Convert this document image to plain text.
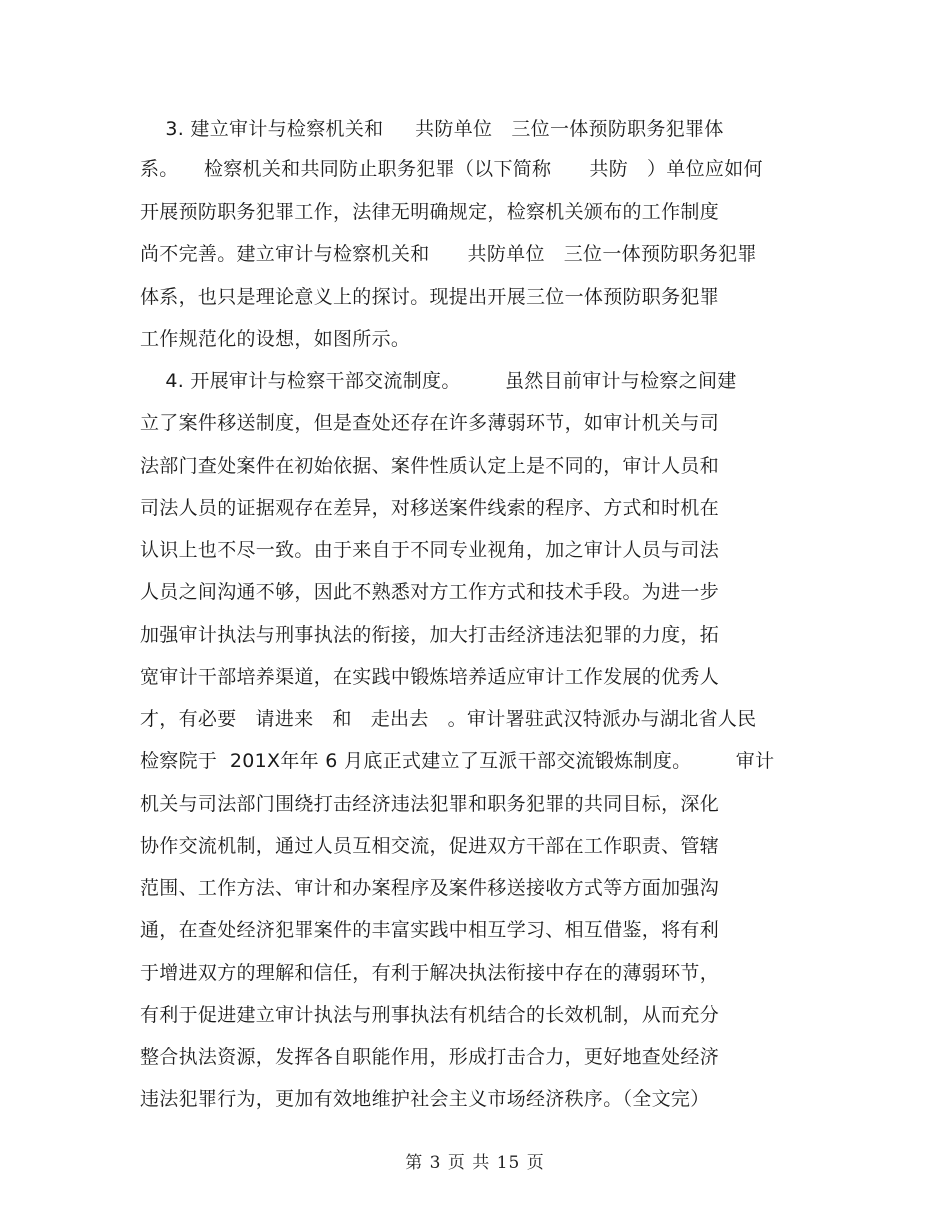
3. 建立审计与检察机关和     共防单位   三位一体预防职务犯罪体
系。    检察机关和共同防止职务犯罪（以下简称      共防   ）单位应如何
开展预防职务犯罪工作，法律无明确规定，检察机关颁布的工作制度
尚不完善。建立审计与检察机关和      共防单位   三位一体预防职务犯罪
体系，也只是理论意义上的探讨。现提出开展三位一体预防职务犯罪
工作规范化的设想，如图所示。
4. 开展审计与检察干部交流制度。       虽然目前审计与检察之间建
立了案件移送制度，但是查处还存在许多薄弱环节，如审计机关与司
法部门查处案件在初始依据、案件性质认定上是不同的，审计人员和
司法人员的证据观存在差异，对移送案件线索的程序、方式和时机在
认识上也不尽一致。由于来自于不同专业视角，加之审计人员与司法
人员之间沟通不够，因此不熟悉对方工作方式和技术手段。为进一步
加强审计执法与刑事执法的衔接，加大打击经济违法犯罪的力度，拓
宽审计干部培养渠道，在实践中锻炼培养适应审计工作发展的优秀人
才，有必要   请进来   和   走出去   。审计署驻武汉特派办与湖北省人民
检察院于  201X年年 6 月底正式建立了互派干部交流锻炼制度。       审计
机关与司法部门围绕打击经济违法犯罪和职务犯罪的共同目标，深化
协作交流机制，通过人员互相交流，促进双方干部在工作职责、管辖
范围、工作方法、审计和办案程序及案件移送接收方式等方面加强沟
通，在查处经济犯罪案件的丰富实践中相互学习、相互借鉴，将有利
于增进双方的理解和信任，有利于解决执法衔接中存在的薄弱环节，
有利于促进建立审计执法与刑事执法有机结合的长效机制，从而充分
整合执法资源，发挥各自职能作用，形成打击合力，更好地查处经济
违法犯罪行为，更加有效地维护社会主义市场经济秩序。（全文完）
第 3 页 共 15 页
